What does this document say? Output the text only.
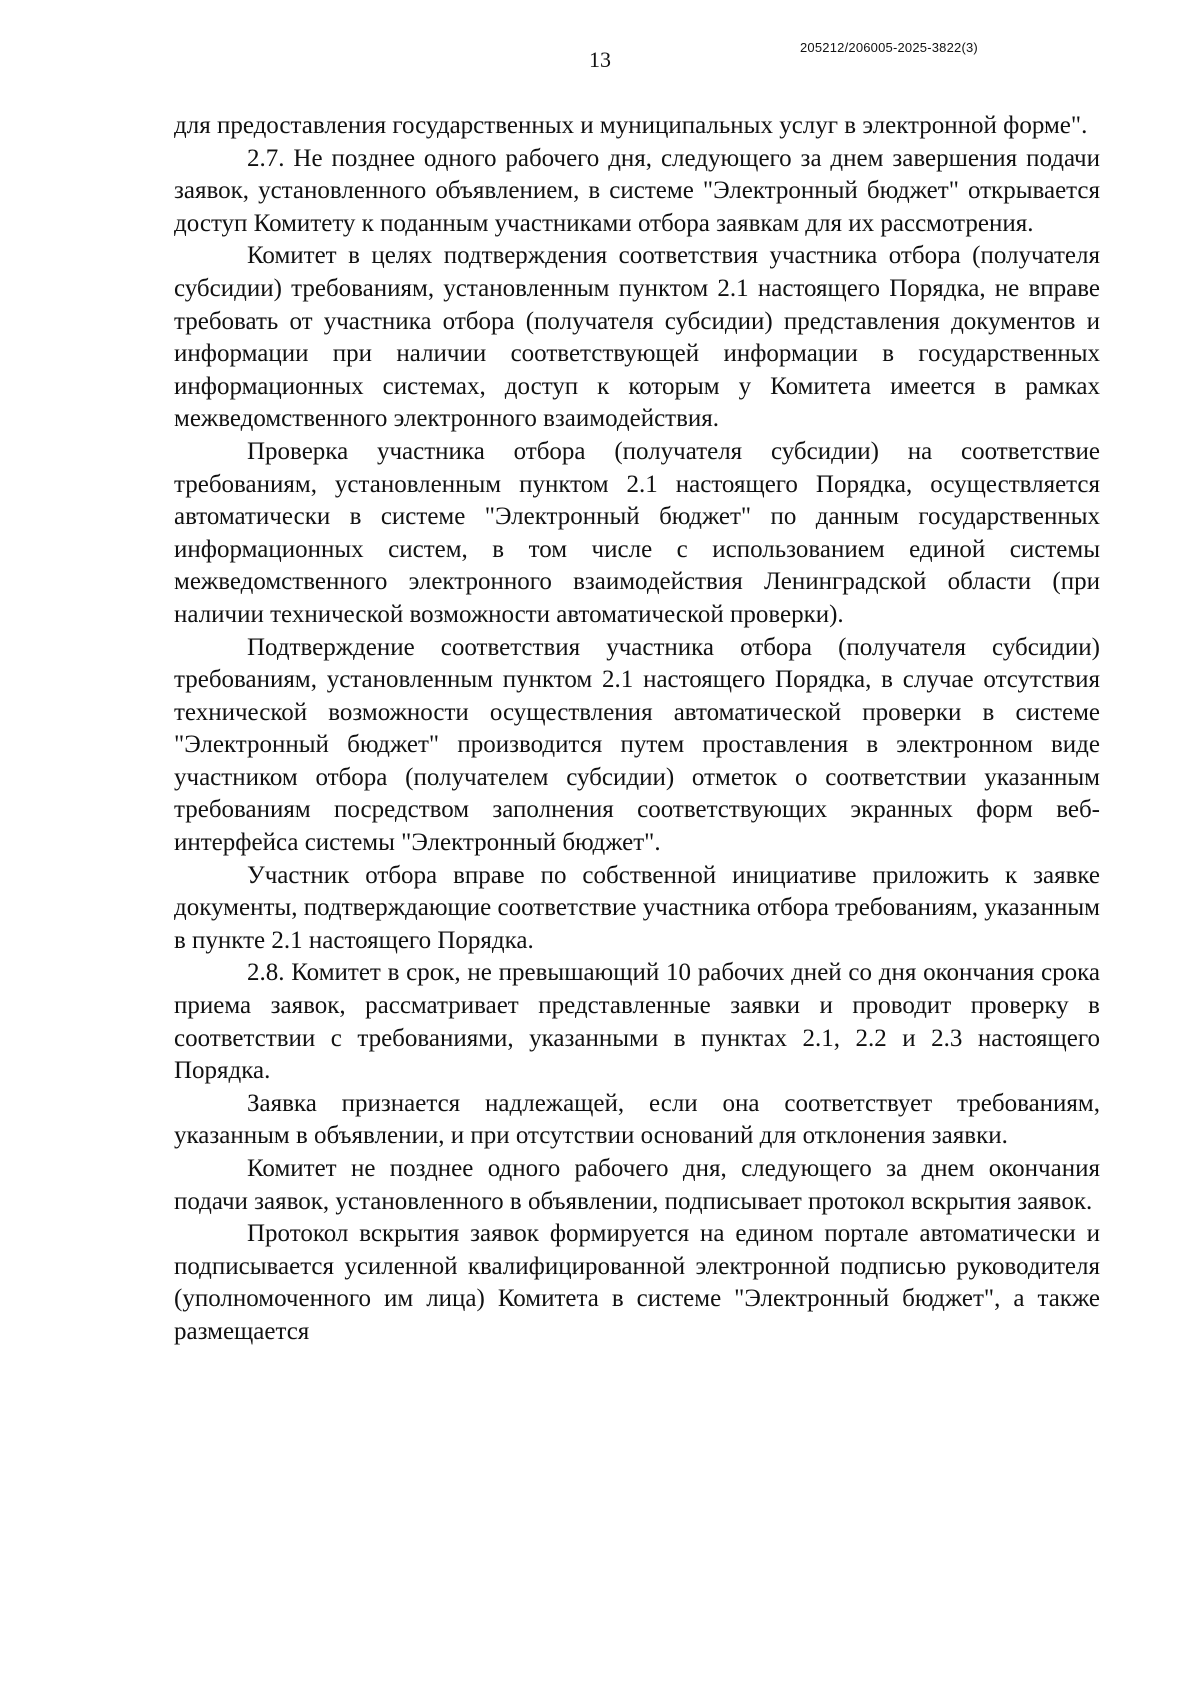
13	205212/206005-2025-3822(3)

для предоставления государственных и муниципальных услуг в электронной форме".

2.7. Не позднее одного рабочего дня, следующего за днем завершения подачи заявок, установленного объявлением, в системе "Электронный бюджет" открывается доступ Комитету к поданным участниками отбора заявкам для их рассмотрения.

Комитет в целях подтверждения соответствия участника отбора (получателя субсидии) требованиям, установленным пунктом 2.1 настоящего Порядка, не вправе требовать от участника отбора (получателя субсидии) представления документов и информации при наличии соответствующей информации в государственных информационных системах, доступ к которым у Комитета имеется в рамках межведомственного электронного взаимодействия.

Проверка участника отбора (получателя субсидии) на соответствие требованиям, установленным пунктом 2.1 настоящего Порядка, осуществляется автоматически в системе "Электронный бюджет" по данным государственных информационных систем, в том числе с использованием единой системы межведомственного электронного взаимодействия Ленинградской области (при наличии технической возможности автоматической проверки).

Подтверждение соответствия участника отбора (получателя субсидии) требованиям, установленным пунктом 2.1 настоящего Порядка, в случае отсутствия технической возможности осуществления автоматической проверки в системе "Электронный бюджет" производится путем проставления в электронном виде участником отбора (получателем субсидии) отметок о соответствии указанным требованиям посредством заполнения соответствующих экранных форм веб-интерфейса системы "Электронный бюджет".

Участник отбора вправе по собственной инициативе приложить к заявке документы, подтверждающие соответствие участника отбора требованиям, указанным в пункте 2.1 настоящего Порядка.

2.8. Комитет в срок, не превышающий 10 рабочих дней со дня окончания срока приема заявок, рассматривает представленные заявки и проводит проверку в соответствии с требованиями, указанными в пунктах 2.1, 2.2 и 2.3 настоящего Порядка.

Заявка признается надлежащей, если она соответствует требованиям, указанным в объявлении, и при отсутствии оснований для отклонения заявки.

Комитет не позднее одного рабочего дня, следующего за днем окончания подачи заявок, установленного в объявлении, подписывает протокол вскрытия заявок.

Протокол вскрытия заявок формируется на едином портале автоматически и подписывается усиленной квалифицированной электронной подписью руководителя (уполномоченного им лица) Комитета в системе "Электронный бюджет", а также размещается
